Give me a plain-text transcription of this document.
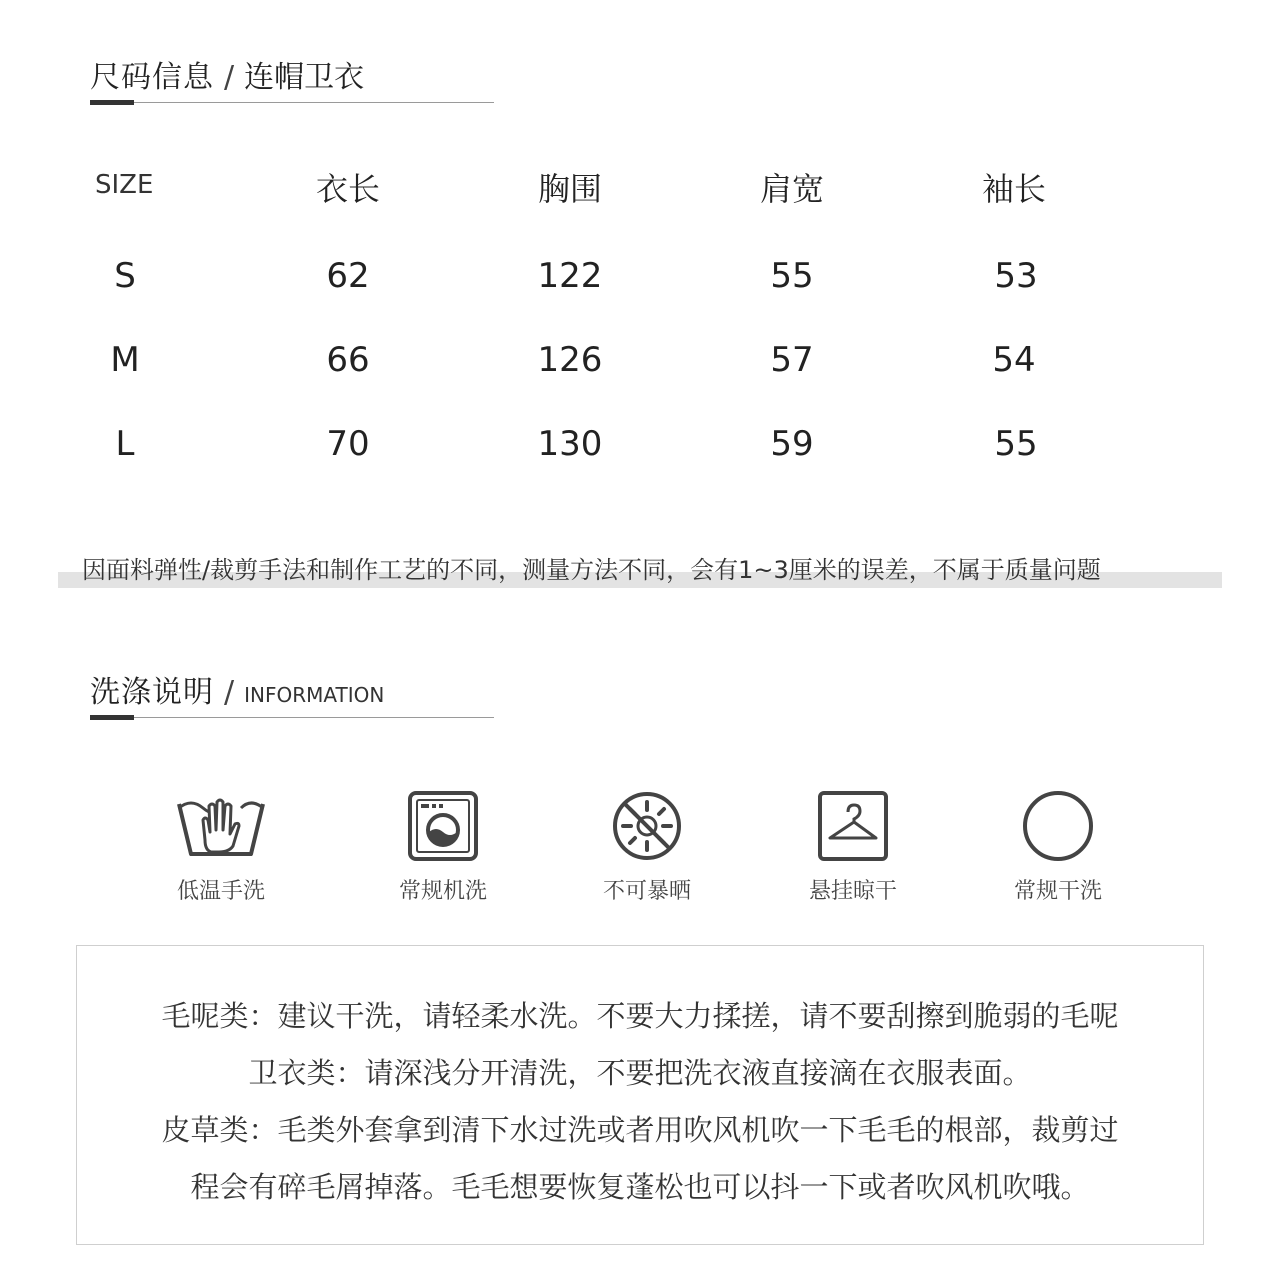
尺码信息 / 连帽卫衣
SIZE	衣长	胸围	肩宽	袖长
S	62	122	55	53
M	66	126	57	54
L	70	130	59	55
因面料弹性/裁剪手法和制作工艺的不同，测量方法不同，会有1~3厘米的误差，不属于质量问题
洗涤说明 / INFORMATION
低温手洗	常规机洗	不可暴晒	悬挂晾干	常规干洗
毛呢类：建议干洗，请轻柔水洗。不要大力揉搓，请不要刮擦到脆弱的毛呢
卫衣类：请深浅分开清洗，不要把洗衣液直接滴在衣服表面。
皮草类：毛类外套拿到清下水过洗或者用吹风机吹一下毛毛的根部，裁剪过
程会有碎毛屑掉落。毛毛想要恢复蓬松也可以抖一下或者吹风机吹哦。
